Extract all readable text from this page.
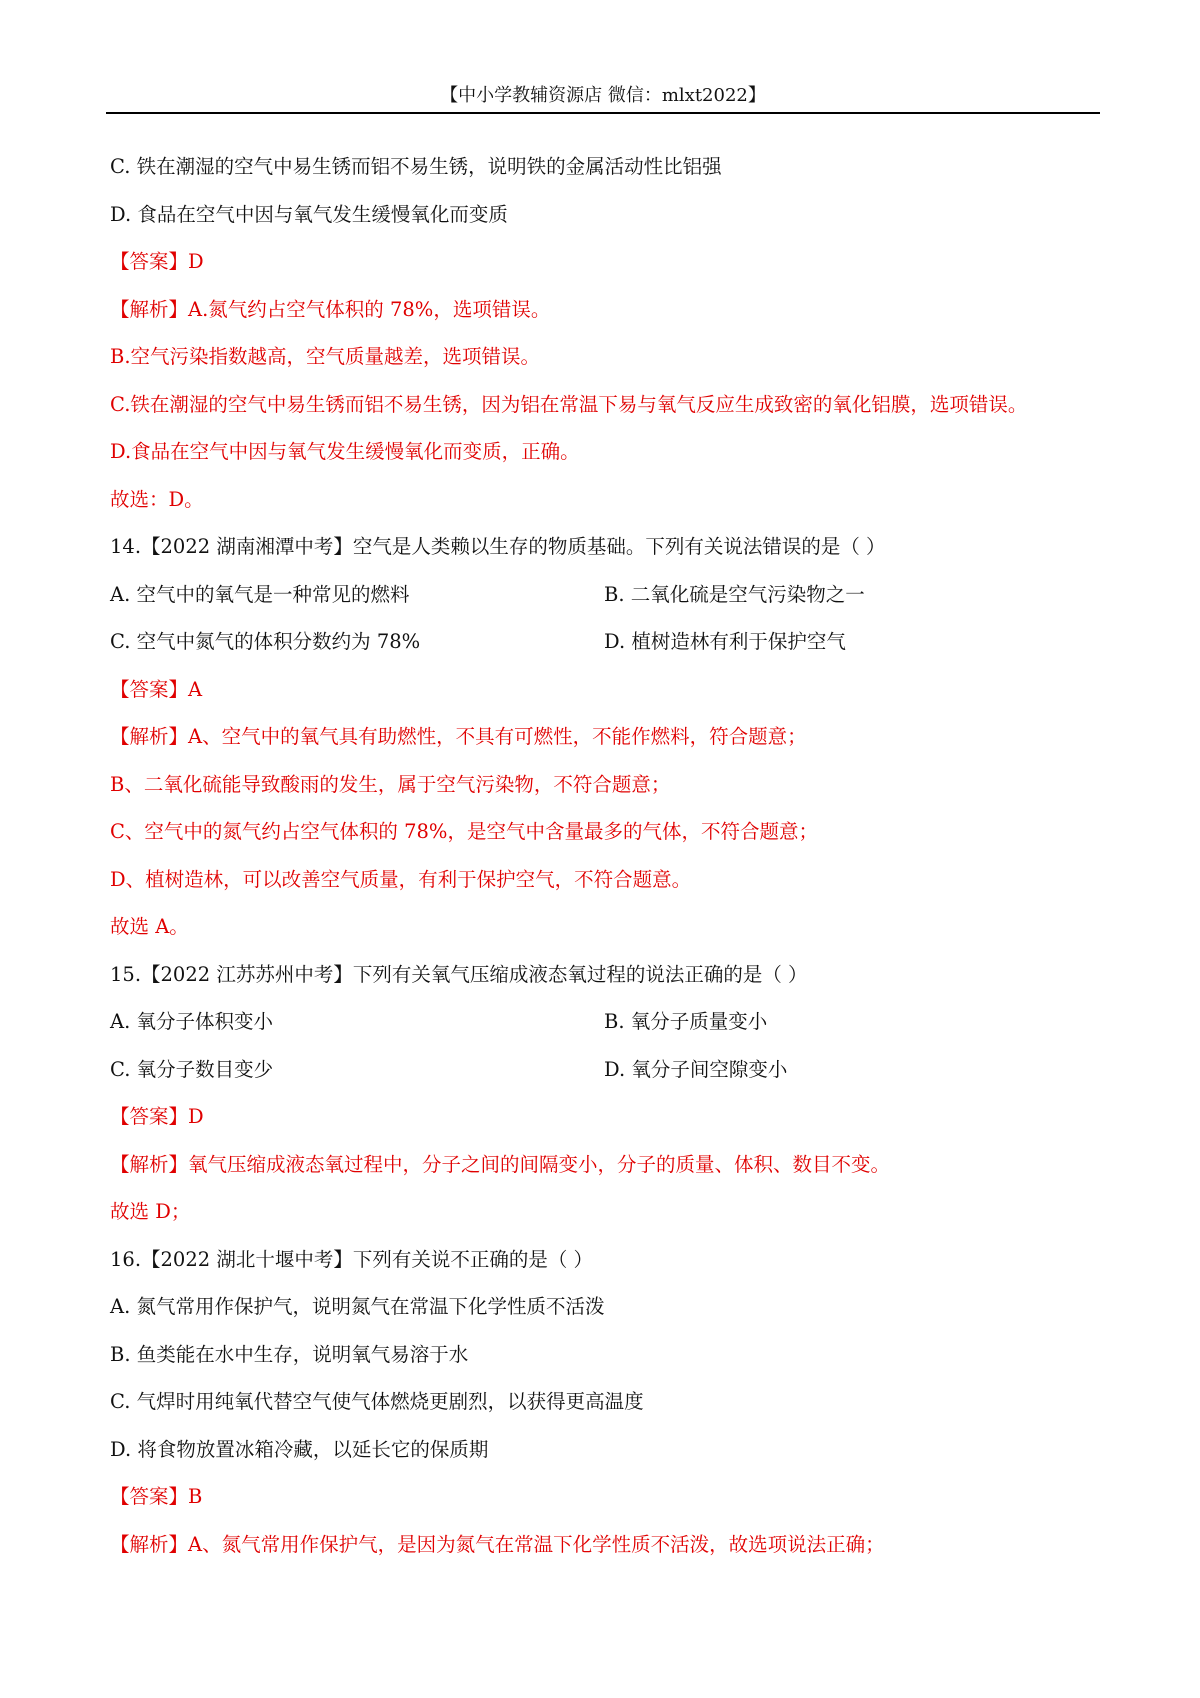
【中小学教辅资源店 微信：mlxt2022】
C. 铁在潮湿的空气中易生锈而铝不易生锈，说明铁的金属活动性比铝强
D. 食品在空气中因与氧气发生缓慢氧化而变质
【答案】D
【解析】A.氮气约占空气体积的 78%，选项错误。
B.空气污染指数越高，空气质量越差，选项错误。
C.铁在潮湿的空气中易生锈而铝不易生锈，因为铝在常温下易与氧气反应生成致密的氧化铝膜，选项错误。
D.食品在空气中因与氧气发生缓慢氧化而变质，正确。
故选：D。
14.【2022 湖南湘潭中考】空气是人类赖以生存的物质基础。下列有关说法错误的是（ ）
A. 空气中的氧气是一种常见的燃料	B. 二氧化硫是空气污染物之一
C. 空气中氮气的体积分数约为 78%	D. 植树造林有利于保护空气
【答案】A
【解析】A、空气中的氧气具有助燃性，不具有可燃性，不能作燃料，符合题意；
B、二氧化硫能导致酸雨的发生，属于空气污染物，不符合题意；
C、空气中的氮气约占空气体积的 78%，是空气中含量最多的气体，不符合题意；
D、植树造林，可以改善空气质量，有利于保护空气，不符合题意。
故选 A。
15.【2022 江苏苏州中考】下列有关氧气压缩成液态氧过程的说法正确的是（ ）
A. 氧分子体积变小	B. 氧分子质量变小
C. 氧分子数目变少	D. 氧分子间空隙变小
【答案】D
【解析】氧气压缩成液态氧过程中，分子之间的间隔变小，分子的质量、体积、数目不变。
故选 D；
16.【2022 湖北十堰中考】下列有关说不正确的是（ ）
A. 氮气常用作保护气，说明氮气在常温下化学性质不活泼
B. 鱼类能在水中生存，说明氧气易溶于水
C. 气焊时用纯氧代替空气使气体燃烧更剧烈，以获得更高温度
D. 将食物放置冰箱冷藏，以延长它的保质期
【答案】B
【解析】A、氮气常用作保护气，是因为氮气在常温下化学性质不活泼，故选项说法正确；
